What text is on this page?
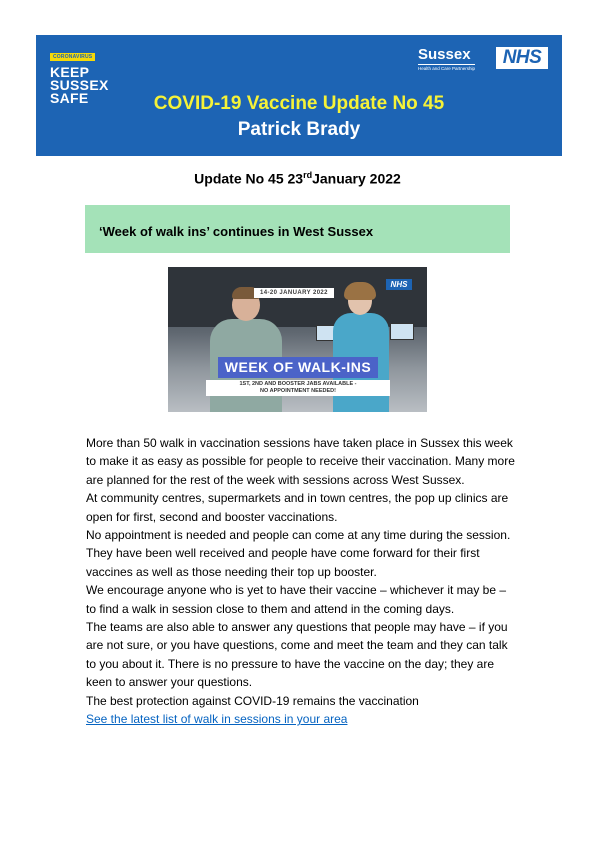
CORONAVIRUS
KEEP
SUSSEX
SAFE
Sussex
Health and Care Partnership
NHS
COVID-19 Vaccine Update No 45
Patrick Brady
Update No 45 23rdJanuary 2022
‘Week of walk ins’ continues in West Sussex
14-20 JANUARY 2022
NHS
WEEK OF WALK-INS
1ST, 2ND AND BOOSTER JABS AVAILABLE -
NO APPOINTMENT NEEDED!

More than 50 walk in vaccination sessions have taken place in Sussex this week to make it as easy as possible for people to receive their vaccination. Many more are planned for the rest of the week with sessions across West Sussex.

At community centres, supermarkets and in town centres, the pop up clinics are open for first, second and booster vaccinations.

No appointment is needed and people can come at any time during the session. They have been well received and people have come forward for their first vaccines as well as those needing their top up booster.

We encourage anyone who is yet to have their vaccine – whichever it may be – to find a walk in session close to them and attend in the coming days.

The teams are also able to answer any questions that people may have – if you are not sure, or you have questions, come and meet the team and they can talk to you about it. There is no pressure to have the vaccine on the day; they are keen to answer your questions.

The best protection against COVID-19 remains the vaccination

See the latest list of walk in sessions in your area
